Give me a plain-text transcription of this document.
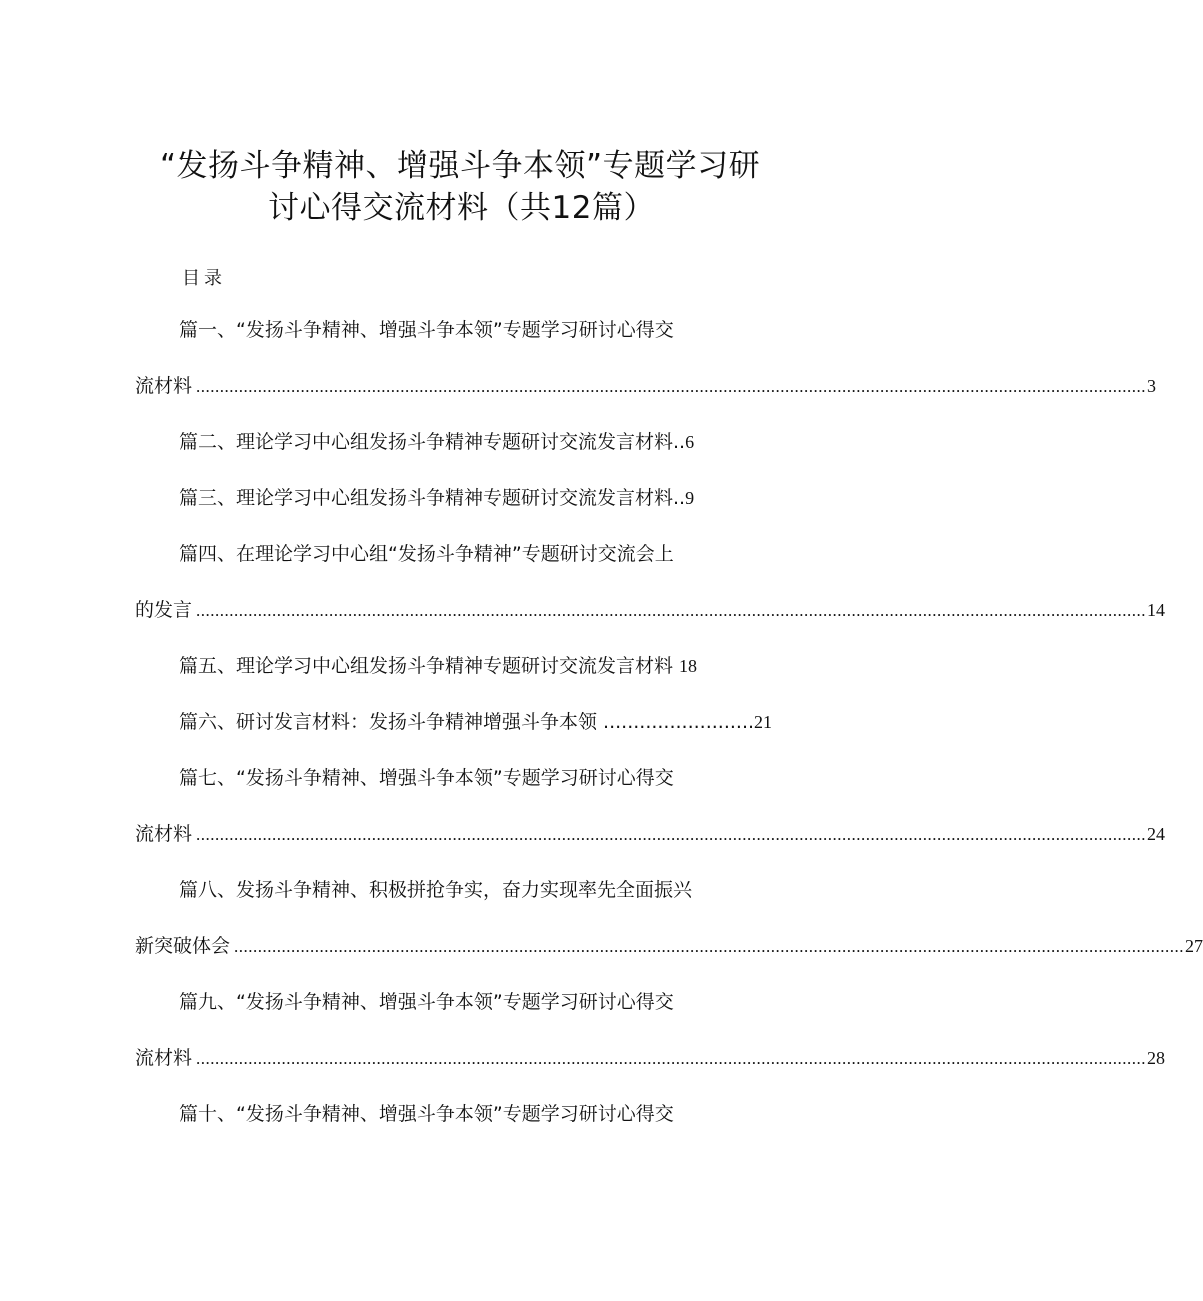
“发扬斗争精神、增强斗争本领”专题学习研
讨心得交流材料（共12篇）
目录
篇一、“发扬斗争精神、增强斗争本领”专题学习研讨心得交
流材料 ........................................................................................................................................................................................................ 3
篇二、理论学习中心组发扬斗争精神专题研讨交流发言材料..6
篇三、理论学习中心组发扬斗争精神专题研讨交流发言材料..9
篇四、在理论学习中心组“发扬斗争精神”专题研讨交流会上
的发言 ........................................................................................................................................................................................................ 14
篇五、理论学习中心组发扬斗争精神专题研讨交流发言材料 18
篇六、研讨发言材料：发扬斗争精神增强斗争本领 .........................21
篇七、“发扬斗争精神、增强斗争本领”专题学习研讨心得交
流材料 ........................................................................................................................................................................................................ 24
篇八、发扬斗争精神、积极拼抢争实，奋力实现率先全面振兴
新突破体会 ........................................................................................................................................................................................................ 27
篇九、“发扬斗争精神、增强斗争本领”专题学习研讨心得交
流材料 ........................................................................................................................................................................................................ 28
篇十、“发扬斗争精神、增强斗争本领”专题学习研讨心得交
